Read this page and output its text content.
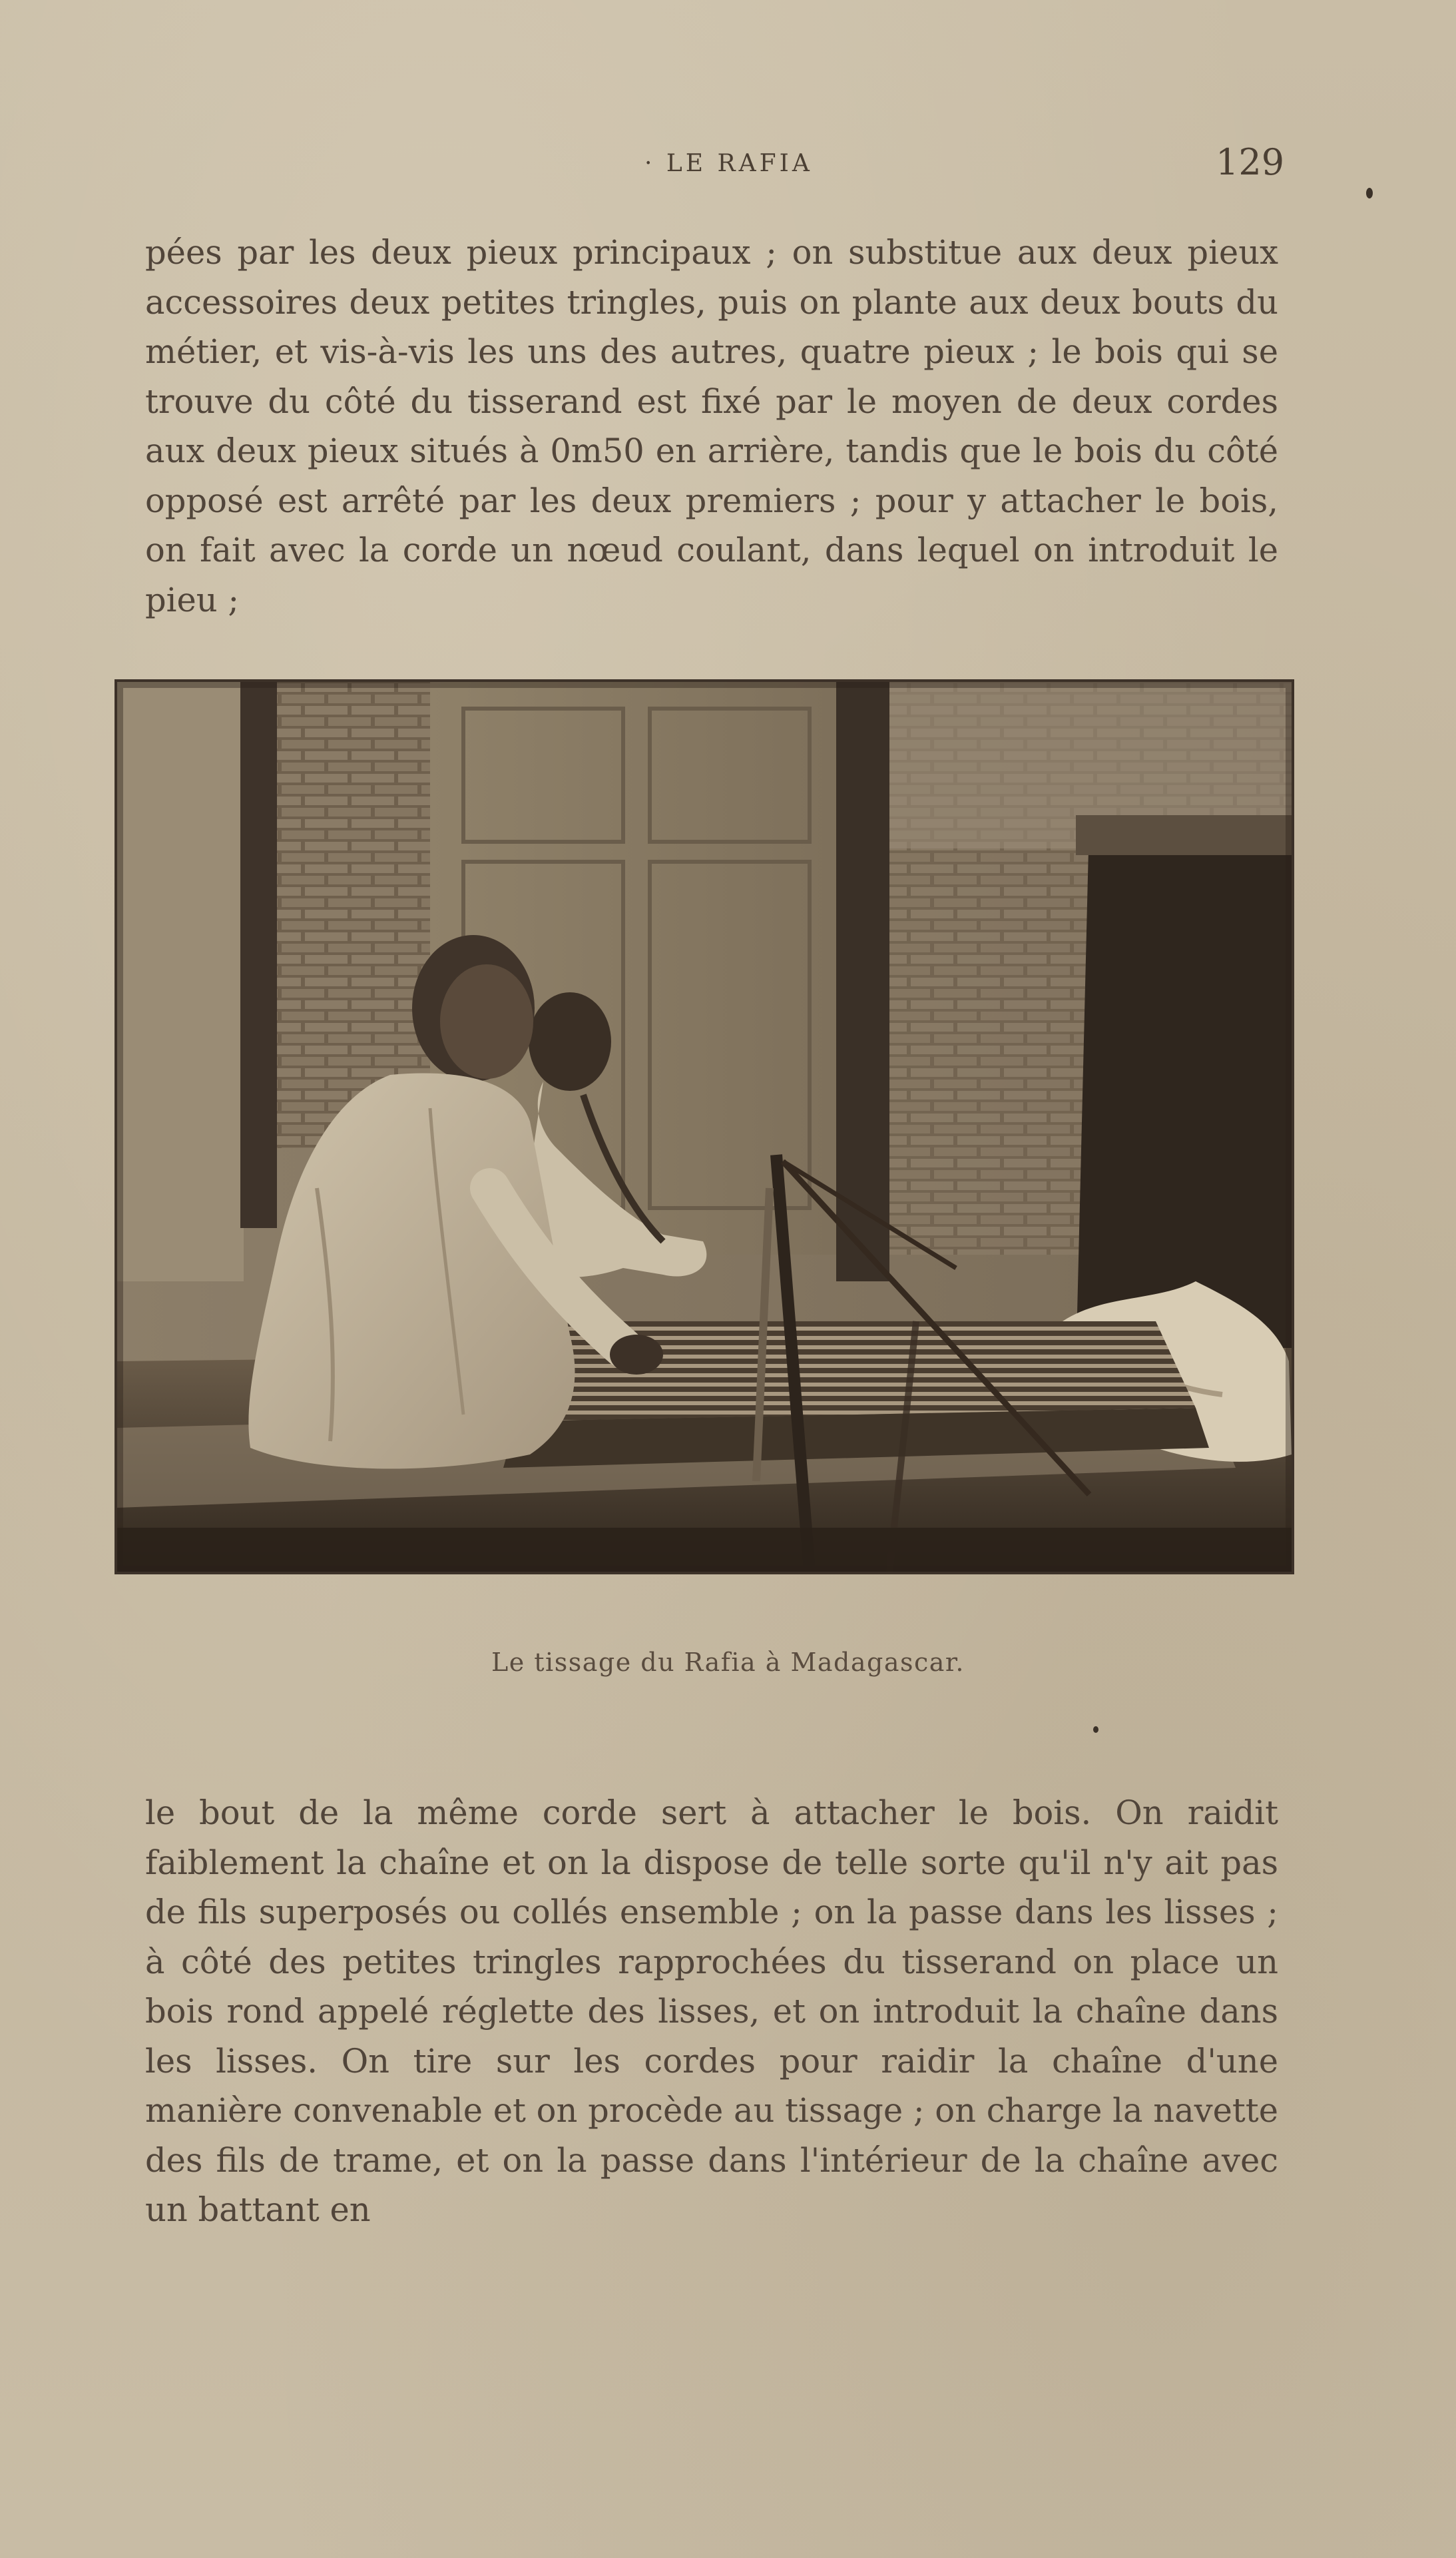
· LE RAFIA	129

pées par les deux pieux principaux ; on substitue aux deux pieux accessoires deux petites tringles, puis on plante aux deux bouts du métier, et vis-à-vis les uns des autres, quatre pieux ; le bois qui se trouve du côté du tisserand est fixé par le moyen de deux cordes aux deux pieux situés à 0m50 en arrière, tandis que le bois du côté opposé est arrêté par les deux premiers ; pour y attacher le bois, on fait avec la corde un nœud coulant, dans lequel on introduit le pieu ;

Le tissage du Rafia à Madagascar.

le bout de la même corde sert à attacher le bois. On raidit faiblement la chaîne et on la dispose de telle sorte qu'il n'y ait pas de fils superposés ou collés ensemble ; on la passe dans les lisses ; à côté des petites tringles rapprochées du tisserand on place un bois rond appelé réglette des lisses, et on introduit la chaîne dans les lisses. On tire sur les cordes pour raidir la chaîne d'une manière convenable et on procède au tissage ; on charge la navette des fils de trame, et on la passe dans l'intérieur de la chaîne avec un battant en
